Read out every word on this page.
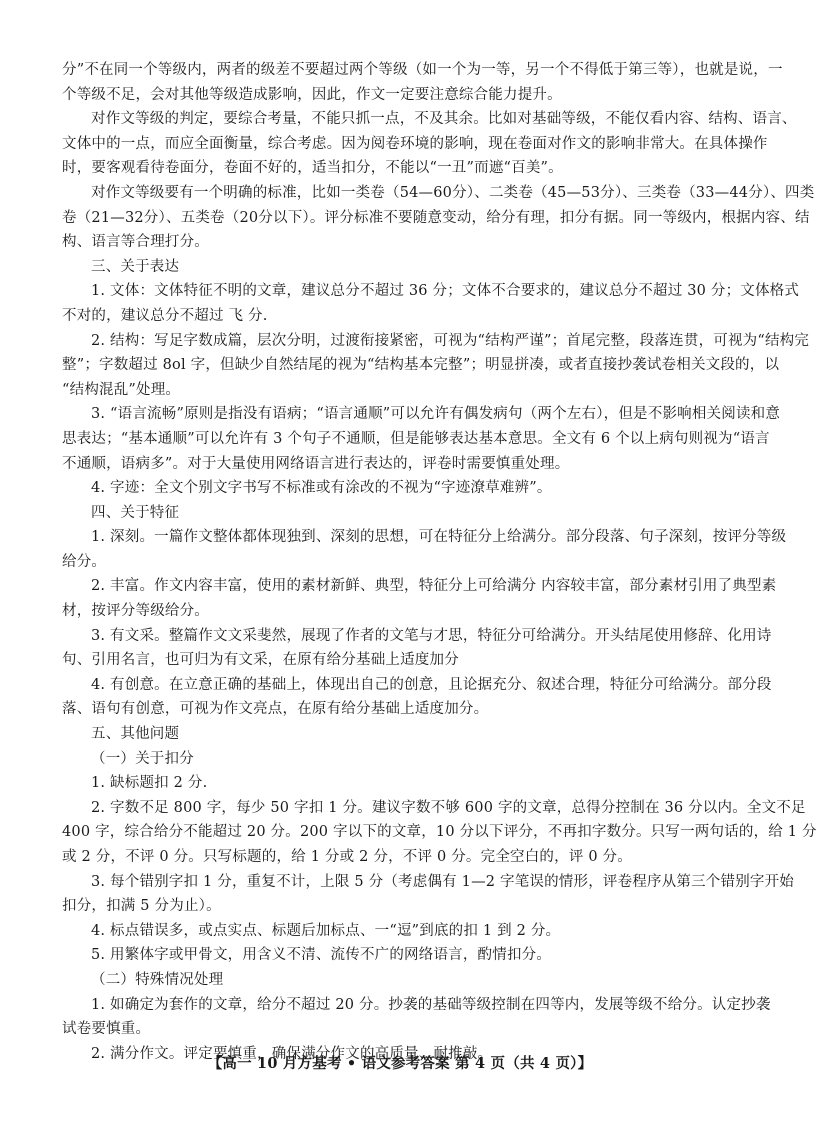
分”不在同一个等级内，两者的级差不要超过两个等级（如一个为一等，另一个不得低于第三等），也就是说，一
个等级不足，会对其他等级造成影响，因此，作文一定要注意综合能力提升。
对作文等级的判定，要综合考量，不能只抓一点，不及其余。比如对基础等级，不能仅看内容、结构、语言、
文体中的一点，而应全面衡量，综合考虑。因为阅卷环境的影响，现在卷面对作文的影响非常大。在具体操作
时，要客观看待卷面分，卷面不好的，适当扣分，不能以“一丑”而遮“百美”。
对作文等级要有一个明确的标准，比如一类卷（54—60分）、二类卷（45—53分）、三类卷（33—44分）、四类
卷（21—32分）、五类卷（20分以下）。评分标准不要随意变动，给分有理，扣分有据。同一等级内，根据内容、结
构、语言等合理打分。
三、关于表达
1. 文体：文体特征不明的文章，建议总分不超过 36 分；文体不合要求的，建议总分不超过 30 分；文体格式
不对的，建议总分不超过 飞 分.
2. 结构：写足字数成篇，层次分明，过渡衔接紧密，可视为“结构严谨”；首尾完整，段落连贯，可视为“结构完
整”；字数超过 8ol 字，但缺少自然结尾的视为“结构基本完整”；明显拼凑，或者直接抄袭试卷相关文段的，以
“结构混乱”处理。
3. “语言流畅”原则是指没有语病；“语言通顺”可以允许有偶发病句（两个左右），但是不影响相关阅读和意
思表达；“基本通顺”可以允许有 3 个句子不通顺，但是能够表达基本意思。全文有 6 个以上病句则视为“语言
不通顺，语病多”。对于大量使用网络语言进行表达的，评卷时需要慎重处理。
4. 字迹：全文个别文字书写不标准或有涂改的不视为“字迹潦草难辨”。
四、关于特征
1. 深刻。一篇作文整体都体现独到、深刻的思想，可在特征分上给满分。部分段落、句子深刻，按评分等级
给分。
2. 丰富。作文内容丰富，使用的素材新鲜、典型，特征分上可给满分 内容较丰富，部分素材引用了典型素
材，按评分等级给分。
3. 有文采。整篇作文文采斐然，展现了作者的文笔与才思，特征分可给满分。开头结尾使用修辞、化用诗
句、引用名言，也可归为有文采，在原有给分基础上适度加分
4. 有创意。在立意正确的基础上，体现出自己的创意，且论据充分、叙述合理，特征分可给满分。部分段
落、语句有创意，可视为作文亮点，在原有给分基础上适度加分。
五、其他问题
（一）关于扣分
1. 缺标题扣 2 分.
2. 字数不足 800 字，每少 50 字扣 1 分。建议字数不够 600 字的文章，总得分控制在 36 分以内。全文不足
400 字，综合给分不能超过 20 分。200 字以下的文章，10 分以下评分，不再扣字数分。只写一两句话的，给 1 分
或 2 分，不评 0 分。只写标题的，给 1 分或 2 分，不评 0 分。完全空白的，评 0 分。
3. 每个错别字扣 1 分，重复不计，上限 5 分（考虑偶有 1—2 字笔误的情形，评卷程序从第三个错别字开始
扣分，扣满 5 分为止）。
4. 标点错误多，或点实点、标题后加标点、一“逗”到底的扣 1 到 2 分。
5. 用繁体字或甲骨文，用含义不清、流传不广的网络语言，酌情扣分。
（二）特殊情况处理
1. 如确定为套作的文章，给分不超过 20 分。抄袭的基础等级控制在四等内，发展等级不给分。认定抄袭
试卷要慎重。
2. 满分作文。评定要慎重，确保满分作文的高质量、耐推敲。
【高一 10 月方基考 • 语文参考答案 第 4 页（共 4 页）】
